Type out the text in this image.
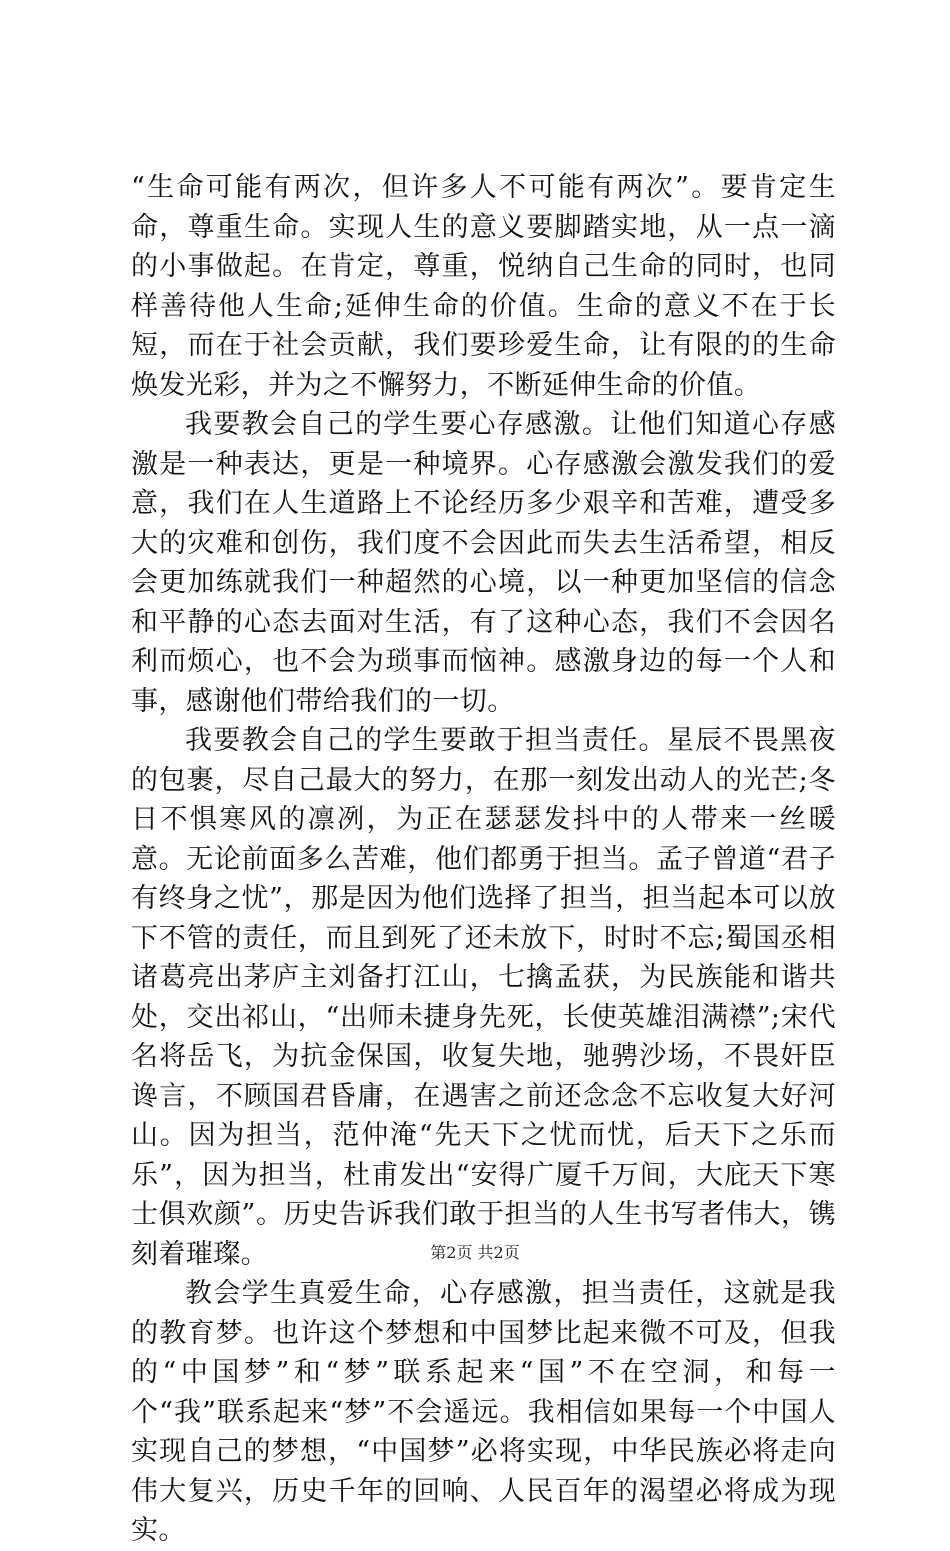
“生命可能有两次，但许多人不可能有两次”。要肯定生命，尊重生命。实现人生的意义要脚踏实地，从一点一滴的小事做起。在肯定，尊重，悦纳自己生命的同时，也同样善待他人生命;延伸生命的价值。生命的意义不在于长短，而在于社会贡献，我们要珍爱生命，让有限的的生命焕发光彩，并为之不懈努力，不断延伸生命的价值。

我要教会自己的学生要心存感激。让他们知道心存感激是一种表达，更是一种境界。心存感激会激发我们的爱意，我们在人生道路上不论经历多少艰辛和苦难，遭受多大的灾难和创伤，我们度不会因此而失去生活希望，相反会更加练就我们一种超然的心境，以一种更加坚信的信念和平静的心态去面对生活，有了这种心态，我们不会因名利而烦心，也不会为琐事而恼神。感激身边的每一个人和事，感谢他们带给我们的一切。

我要教会自己的学生要敢于担当责任。星辰不畏黑夜的包裹，尽自己最大的努力，在那一刻发出动人的光芒;冬日不惧寒风的凛冽，为正在瑟瑟发抖中的人带来一丝暖意。无论前面多么苦难，他们都勇于担当。孟子曾道“君子有终身之忧”，那是因为他们选择了担当，担当起本可以放下不管的责任，而且到死了还未放下，时时不忘;蜀国丞相诸葛亮出茅庐主刘备打江山，七擒孟获，为民族能和谐共处，交出祁山，“出师未捷身先死，长使英雄泪满襟”;宋代名将岳飞，为抗金保国，收复失地，驰骋沙场，不畏奸臣谗言，不顾国君昏庸，在遇害之前还念念不忘收复大好河山。因为担当，范仲淹“先天下之忧而忧，后天下之乐而乐”，因为担当，杜甫发出“安得广厦千万间，大庇天下寒士俱欢颜”。历史告诉我们敢于担当的人生书写者伟大，镌刻着璀璨。

教会学生真爱生命，心存感激，担当责任，这就是我的教育梦。也许这个梦想和中国梦比起来微不可及，但我的“中国梦”和“梦”联系起来“国”不在空洞，和每一个“我”联系起来“梦”不会遥远。我相信如果每一个中国人实现自己的梦想，“中国梦”必将实现，中华民族必将走向伟大复兴，历史千年的回响、人民百年的渴望必将成为现实。

第2页 共2页
